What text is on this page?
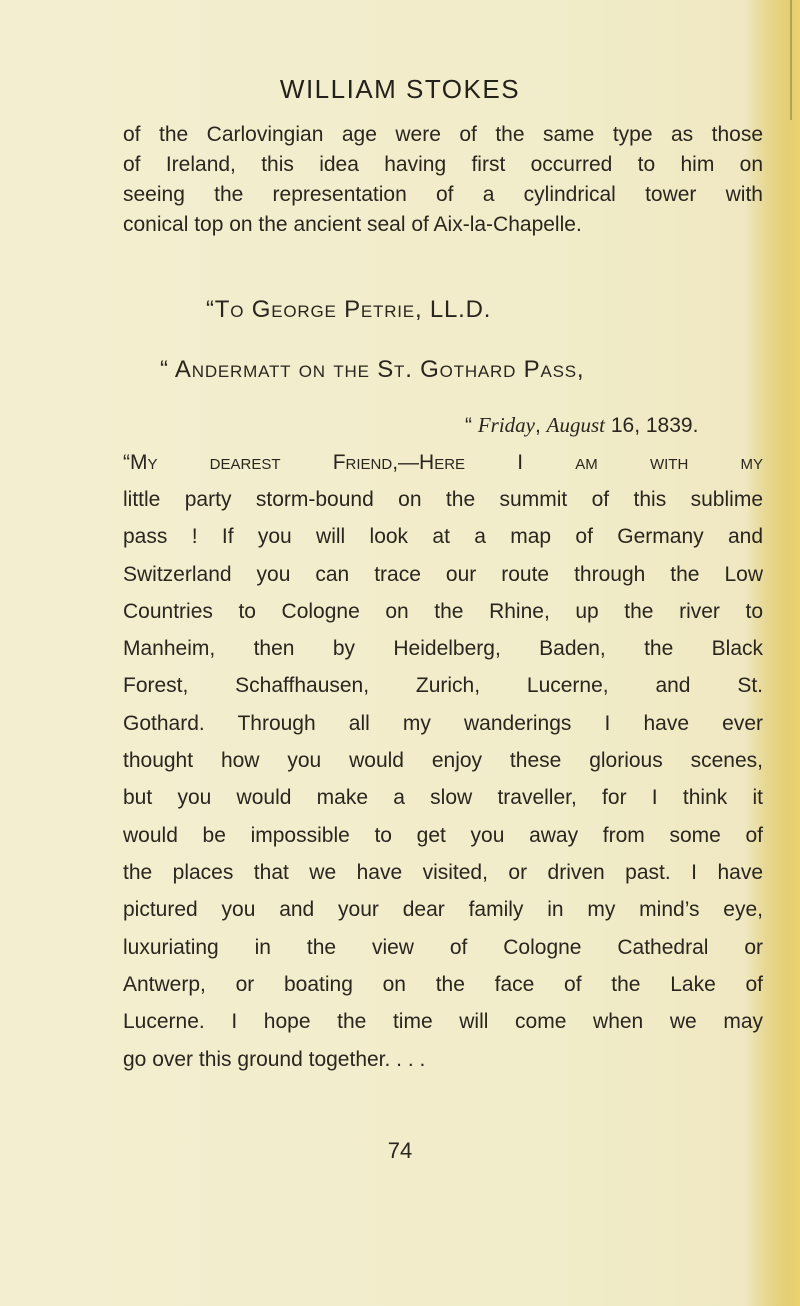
WILLIAM STOKES
of the Carlovingian age were of the same type as those
of Ireland, this idea having first occurred to him on
seeing the representation of a cylindrical tower with
conical top on the ancient seal of Aix-la-Chapelle.
“To George Petrie, LL.D.
“ Andermatt on the St. Gothard Pass,
“ Friday, August 16, 1839.
“My dearest Friend,—Here I am with my
little party storm-bound on the summit of this sublime
pass ! If you will look at a map of Germany and
Switzerland you can trace our route through the Low
Countries to Cologne on the Rhine, up the river to
Manheim, then by Heidelberg, Baden, the Black
Forest, Schaffhausen, Zurich, Lucerne, and St.
Gothard. Through all my wanderings I have ever
thought how you would enjoy these glorious scenes,
but you would make a slow traveller, for I think it
would be impossible to get you away from some of
the places that we have visited, or driven past. I have
pictured you and your dear family in my mind’s eye,
luxuriating in the view of Cologne Cathedral or
Antwerp, or boating on the face of the Lake of
Lucerne. I hope the time will come when we may
go over this ground together. . . .
74
